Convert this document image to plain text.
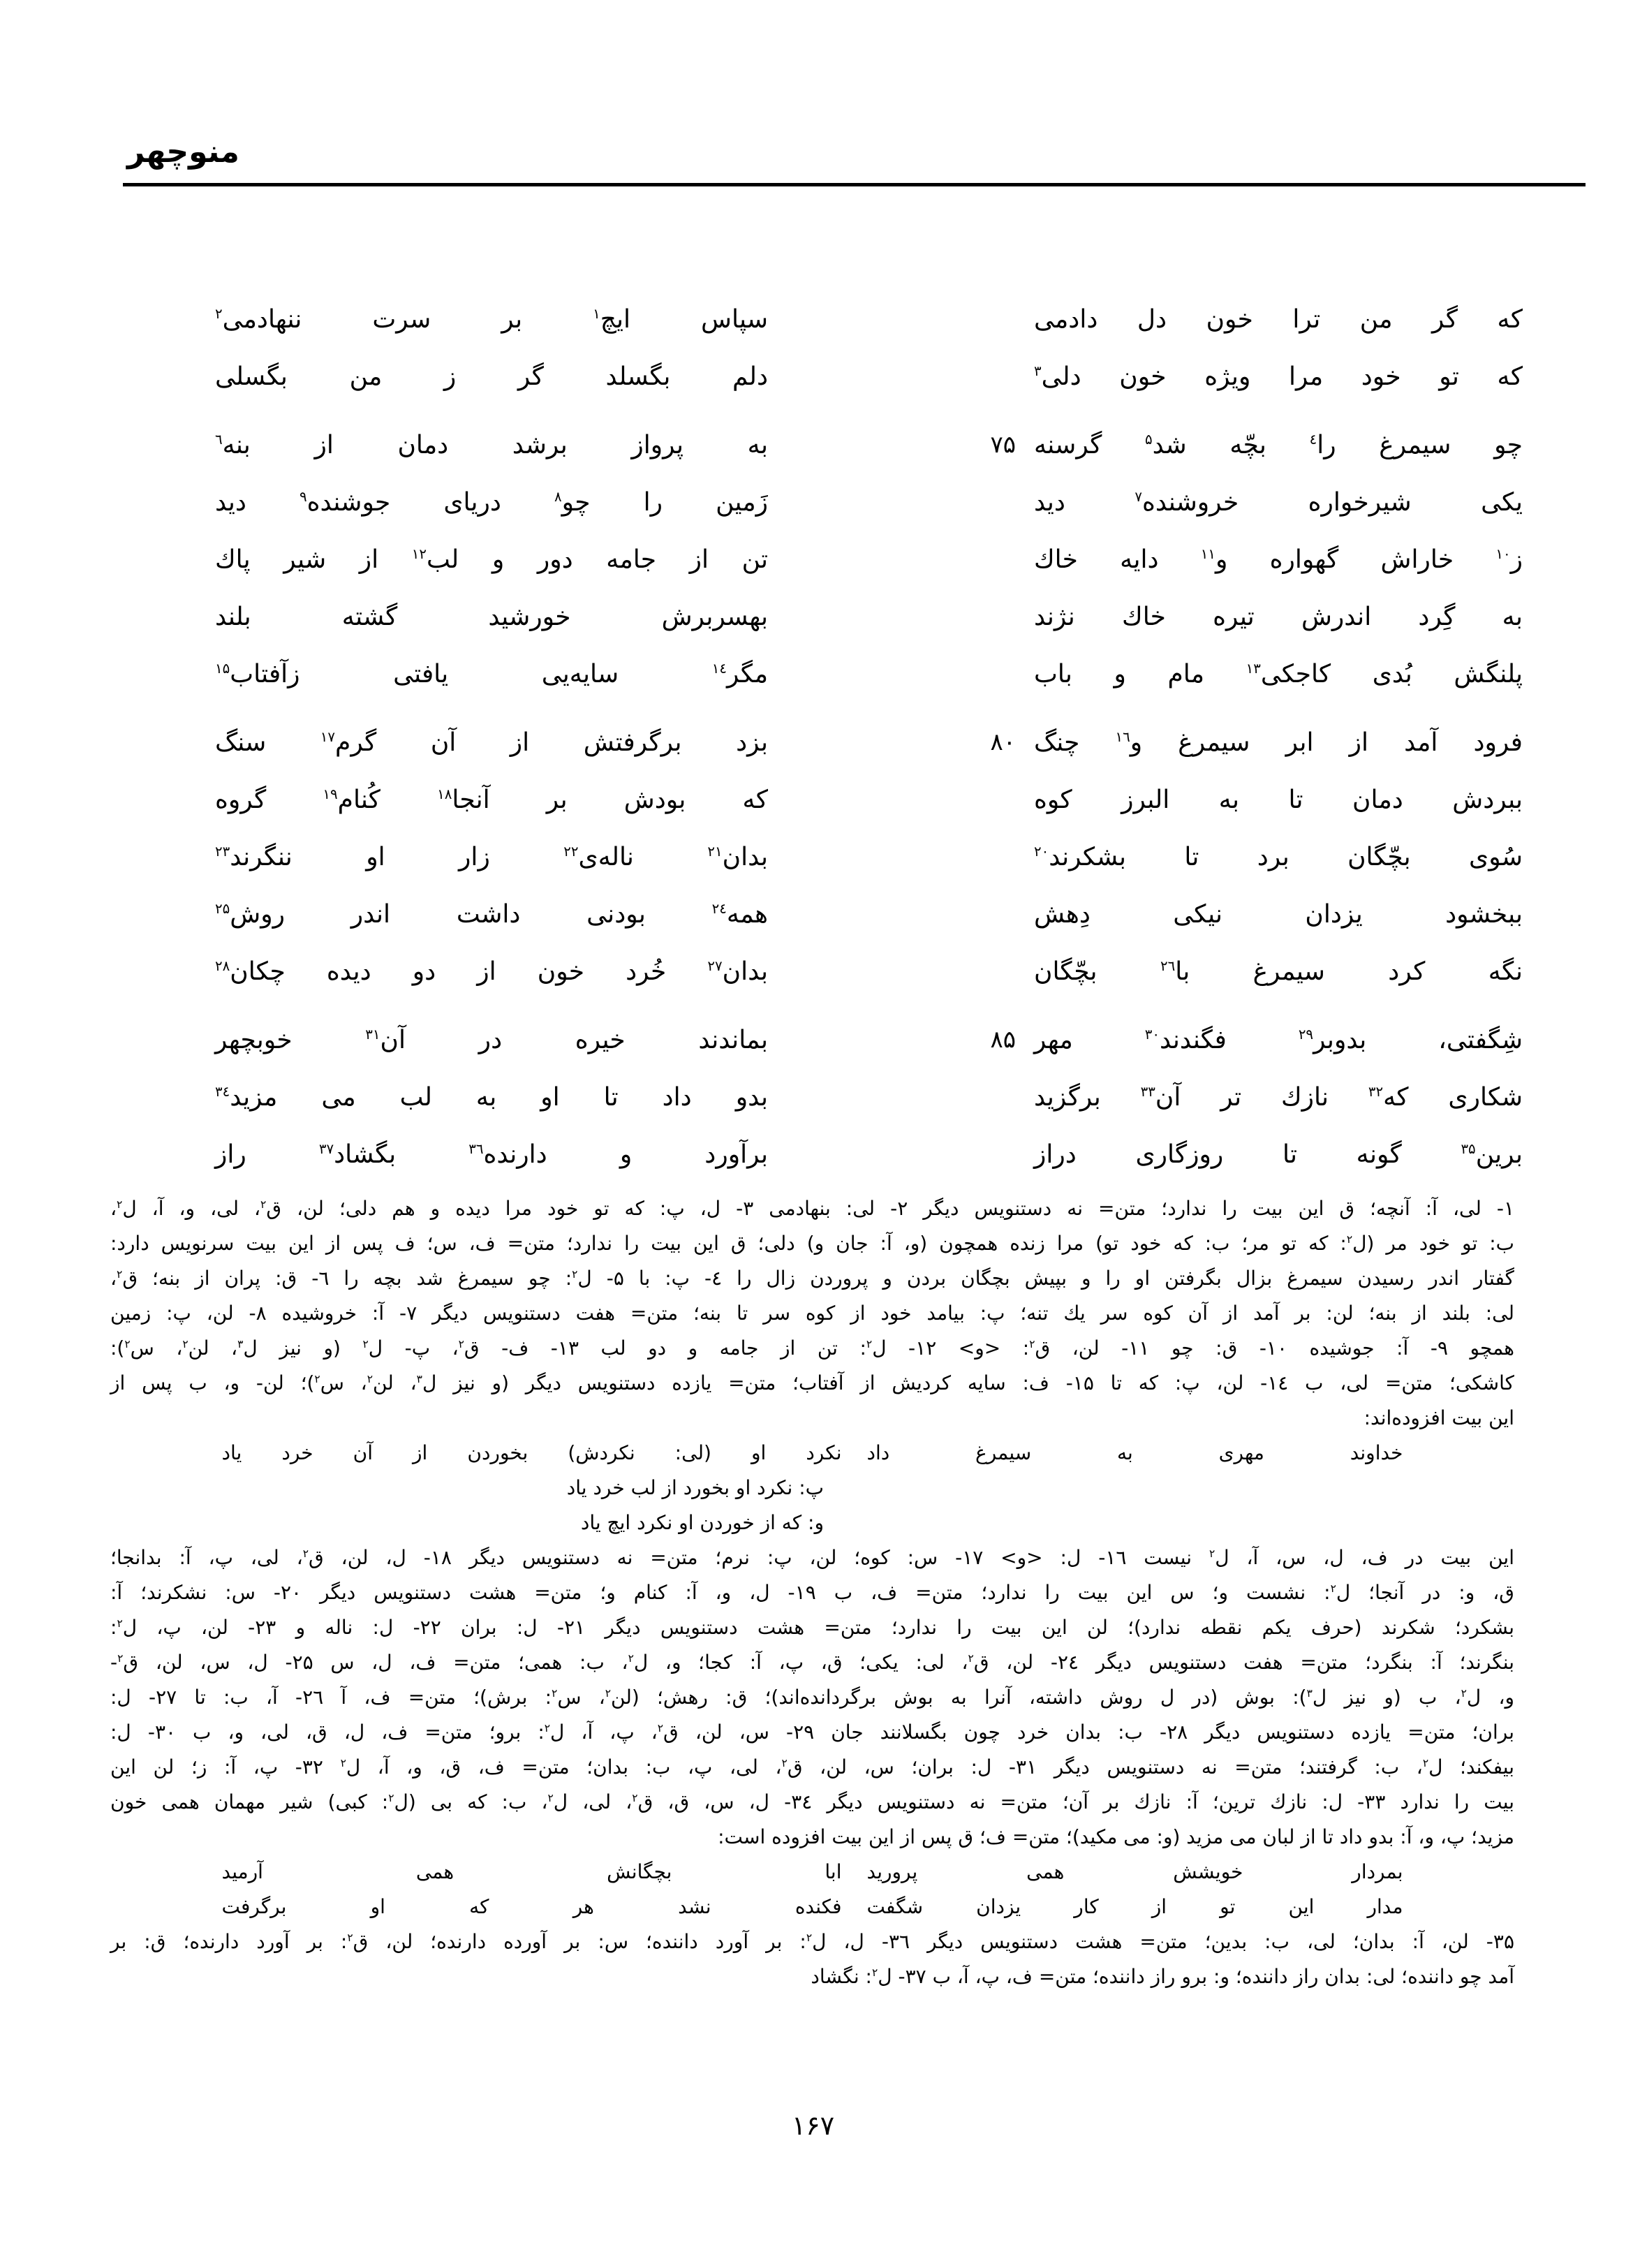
منوچهر
که گر من ترا خون دل دادمی
سپاس ایچ$^۱$ بر سرت ننهادمی$^۲$
که تو خود مرا ویژه خون دلی$^۳$
دلم بگسلد گر ز من بگسلی
چو سیمرغ را$^٤$ بچّه شد$^۵$ گرسنه
۷۵
به پرواز برشد دمان از بنه$^٦$
یکی شیرخواره خروشنده$^۷$ دید
زَمین را چو$^۸$ دریای جوشنده$^۹$ دید
ز$^{۱۰}$ خاراش گهواره و$^{۱۱}$ دایه خاك
تن از جامه دور و لب$^{۱۲}$ از شیر پاك
به گِرد اندرش تیره خاك نژند
بهسربرش خورشید گشته بلند
پلنگش بُدی کاجکی$^{۱۳}$ مام و باب
مگر$^{۱٤}$ سایه‌یی یافتی زآفتاب$^{۱۵}$
فرود آمد از ابر سیمرغ و$^{۱٦}$ چنگ
۸۰
بزد برگرفتش از آن گرم$^{۱۷}$ سنگ
ببردش دمان تا به البرز کوه
که بودش بر آنجا$^{۱۸}$ کُنام$^{۱۹}$ گروه
سُوی بچّگان برد تا بشکرند$^{۲۰}$
بدان$^{۲۱}$ ناله‌ی$^{۲۲}$ زار او ننگرند$^{۲۳}$
ببخشود یزدان نیکی دِهش
همه$^{۲٤}$ بودنی داشت اندر روش$^{۲۵}$
نگه کرد سیمرغ با$^{۲٦}$ بچّگان
بدان$^{۲۷}$ خُرد خون از دو دیده چکان$^{۲۸}$
شِگفتی، بدوبر$^{۲۹}$ فگندند$^{۳۰}$ مهر
۸۵
بماندند خیره در آن$^{۳۱}$ خوبچهر
شکاری که$^{۳۲}$ نازك تر آن$^{۳۳}$ برگزید
بدو داد تا او به لب می مزید$^{۳٤}$
برین$^{۳۵}$ گونه تا روزگاری دراز
برآورد و دارنده$^{۳٦}$ بگشاد$^{۳۷}$ راز
۱- لی، آ: آنچه؛ ق این بیت را ندارد؛ متن= نه دستنویس دیگر ۲- لی: بنهادمی ۳- ل، پ: که تو خود مرا دیده و هم دلی؛ لن، ق$^۲$، لی، و، آ، ل$^۲$،
ب: تو خود مر (ل$^۲$: که تو مر؛ ب: که خود تو) مرا زنده همچون (و، آ: جان و) دلی؛ ق این بیت را ندارد؛ متن= ف، س؛ ف پس از این بیت سرنویس دارد:
گفتار اندر رسیدن سیمرغ بزال بگرفتن او را و بپیش بچگان بردن و پروردن زال را ٤- پ: با ۵- ل$^۲$: چو سیمرغ شد بچه را ٦- ق: پران از بنه؛ ق$^۲$،
لی: بلند از بنه؛ لن: بر آمد از آن کوه سر یك تنه؛ پ: بیامد خود از کوه سر تا بنه؛ متن= هفت دستنویس دیگر ۷- آ: خروشیده ۸- لن، پ: زمین
همچو ۹- آ: جوشیده ۱۰- ق: چو ۱۱- لن، ق$^۲$: <و> ۱۲- ل$^۲$: تن از جامه و دو لب ۱۳- ف- ق$^۲$، پ- ل$^۲$ (و نیز ل$^۳$، لن$^۲$، س$^۲$):
کاشکی؛ متن= لی، ب ۱٤- لن، پ: که تا ۱۵- ف: سایه کردیش از آفتاب؛ متن= یازده دستنویس دیگر (و نیز ل$^۳$، لن$^۲$، س$^۲$)؛ لن- و، ب پس از
این بیت افزوده‌اند:
خداوند مهری به سیمرغ داد
نکرد او (لی: نکردش) بخوردن از آن خرد یاد
پ: نکرد او بخورد از لب خرد یاد
و: که از خوردن او نکرد ایچ یاد
این بیت در ف، ل، س، آ، ل$^۲$ نیست ۱٦- ل: <و> ۱۷- س: کوه؛ لن، پ: نرم؛ متن= نه دستنویس دیگر ۱۸- ل، لن، ق$^۲$، لی، پ، آ: بدانجا؛
ق، و: در آنجا؛ ل$^۲$: نشست و؛ س این بیت را ندارد؛ متن= ف، ب ۱۹- ل، و، آ: کنام و؛ متن= هشت دستنویس دیگر ۲۰- س: نشکرند؛ آ:
بشکرد؛ شکرند (حرف یکم نقطه ندارد)؛ لن این بیت را ندارد؛ متن= هشت دستنویس دیگر ۲۱- ل: بران ۲۲- ل: ناله و ۲۳- لن، پ، ل$^۲$:
بنگرند؛ آ: بنگرد؛ متن= هفت دستنویس دیگر ۲٤- لن، ق$^۲$، لی: یکی؛ ق، پ، آ: کجا؛ و، ل$^۲$، ب: همی؛ متن= ف، ل، س ۲۵- ل، س، لن، ق$^۲$-
و، ل$^۲$، ب (و نیز ل$^۳$): بوش (در ل روش داشته، آنرا به بوش برگردانده‌اند)؛ ق: رهش؛ (لن$^۲$، س$^۲$: برش)؛ متن= ف، آ ۲٦- آ، ب: تا ۲۷- ل:
بران؛ متن= یازده دستنویس دیگر ۲۸- ب: بدان خرد چون بگسلانند جان ۲۹- س، لن، ق$^۲$، پ، آ، ل$^۲$: برو؛ متن= ف، ل، ق، لی، و، ب ۳۰- ل:
بیفکند؛ ل$^۲$، ب: گرفتند؛ متن= نه دستنویس دیگر ۳۱- ل: بران؛ س، لن، ق$^۲$، لی، پ، ب: بدان؛ متن= ف، ق، و، آ، ل$^۲$ ۳۲- پ، آ: ز؛ لن این
بیت را ندارد ۳۳- ل: نازك ترین؛ آ: نازك بر آن؛ متن= نه دستنویس دیگر ۳٤- ل، س، ق، ق$^۲$، لی، ل$^۲$، ب: که بی (ل$^۲$: کبی) شیر مهمان همی خون
مزید؛ پ، و، آ: بدو داد تا از لبان می مزید (و: می مکید)؛ متن= ف؛ ق پس از این بیت افزوده است:
بمردار خویشش همی پرورید
ابا بچگانش همی آرمید
مدار این تو از کار یزدان شگفت
فکنده نشد هر که او برگرفت
۳۵- لن، آ: بدان؛ لی، ب: بدین؛ متن= هشت دستنویس دیگر ۳٦- ل، ل$^۲$: بر آورد داننده؛ س: بر آورده دارنده؛ لن، ق$^۲$: بر آورد دارنده؛ ق: بر
آمد چو داننده؛ لی: بدان راز داننده؛ و: برو راز داننده؛ متن= ف، پ، آ، ب ۳۷- ل$^۲$: نگشاد
۱۶۷
